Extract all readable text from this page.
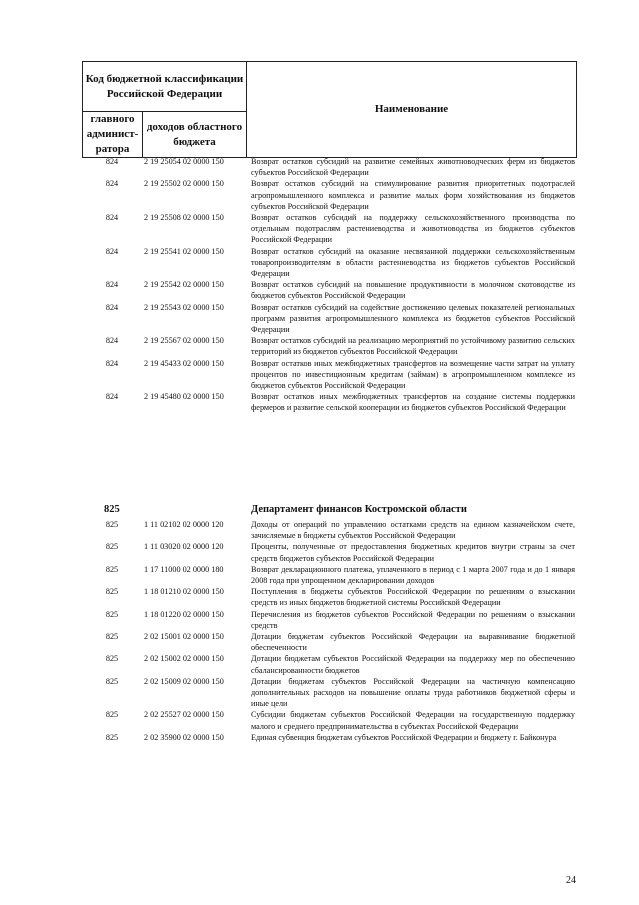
Код бюджетной классификации Российской Федерации		Наименование
главного админист-ратора	доходов областного бюджета	
824	2 19 25054 02 0000 150	Возврат остатков субсидий на развитие семейных животноводческих ферм из бюджетов субъектов Российской Федерации
824	2 19 25502 02 0000 150	Возврат остатков субсидий на стимулирование развития приоритетных подотраслей агропромышленного комплекса и развитие малых форм хозяйствования из бюджетов субъектов Российской Федерации
824	2 19 25508 02 0000 150	Возврат остатков субсидий на поддержку сельскохозяйственного производства по отдельным подотраслям растениеводства и животноводства из бюджетов субъектов Российской Федерации
824	2 19 25541 02 0000 150	Возврат остатков субсидий на оказание несвязанной поддержки сельскохозяйственным товаропроизводителям в области растениеводства из бюджетов субъектов Российской Федерации
824	2 19 25542 02 0000 150	Возврат остатков субсидий на повышение продуктивности в молочном скотоводстве из бюджетов субъектов Российской Федерации
824	2 19 25543 02 0000 150	Возврат остатков субсидий на содействие достижению целевых показателей региональных программ развития агропромышленного комплекса из бюджетов субъектов Российской Федерации
824	2 19 25567 02 0000 150	Возврат остатков субсидий на реализацию мероприятий по устойчивому развитию сельских территорий из бюджетов субъектов Российской Федерации
824	2 19 45433 02 0000 150	Возврат остатков иных межбюджетных трансфертов на возмещение части затрат на уплату процентов по инвестиционным кредитам (займам) в агропромышленном комплексе из бюджетов субъектов Российской Федерации
824	2 19 45480 02 0000 150	Возврат остатков иных межбюджетных трансфертов на создание системы поддержки фермеров и развитие сельской кооперации из бюджетов субъектов Российской Федерации
825	Департамент финансов Костромской области
825	1 11 02102 02 0000 120	Доходы от операций по управлению остатками средств на едином казначейском счете, зачисляемые в бюджеты субъектов Российской Федерации
825	1 11 03020 02 0000 120	Проценты, полученные от предоставления бюджетных кредитов внутри страны за счет средств бюджетов субъектов Российской Федерации
825	1 17 11000 02 0000 180	Возврат декларационного платежа, уплаченного в период с 1 марта 2007 года и до 1 января 2008 года при упрощенном декларировании доходов
825	1 18 01210 02 0000 150	Поступления в бюджеты субъектов Российской Федерации по решениям о взыскании средств из иных бюджетов бюджетной системы Российской Федерации
825	1 18 01220 02 0000 150	Перечисления из бюджетов субъектов Российской Федерации по решениям о взыскании средств
825	2 02 15001 02 0000 150	Дотации бюджетам субъектов Российской Федерации на выравнивание бюджетной обеспеченности
825	2 02 15002 02 0000 150	Дотации бюджетам субъектов Российской Федерации на поддержку мер по обеспечению сбалансированности бюджетов
825	2 02 15009 02 0000 150	Дотации бюджетам субъектов Российской Федерации на частичную компенсацию дополнительных расходов на повышение оплаты труда работников бюджетной сферы и иные цели
825	2 02 25527 02 0000 150	Субсидии бюджетам субъектов Российской Федерации на государственную поддержку малого и среднего предпринимательства в субъектах Российской Федерации
825	2 02 35900 02 0000 150	Единая субвенция бюджетам субъектов Российской Федерации и бюджету г. Байконура
24
